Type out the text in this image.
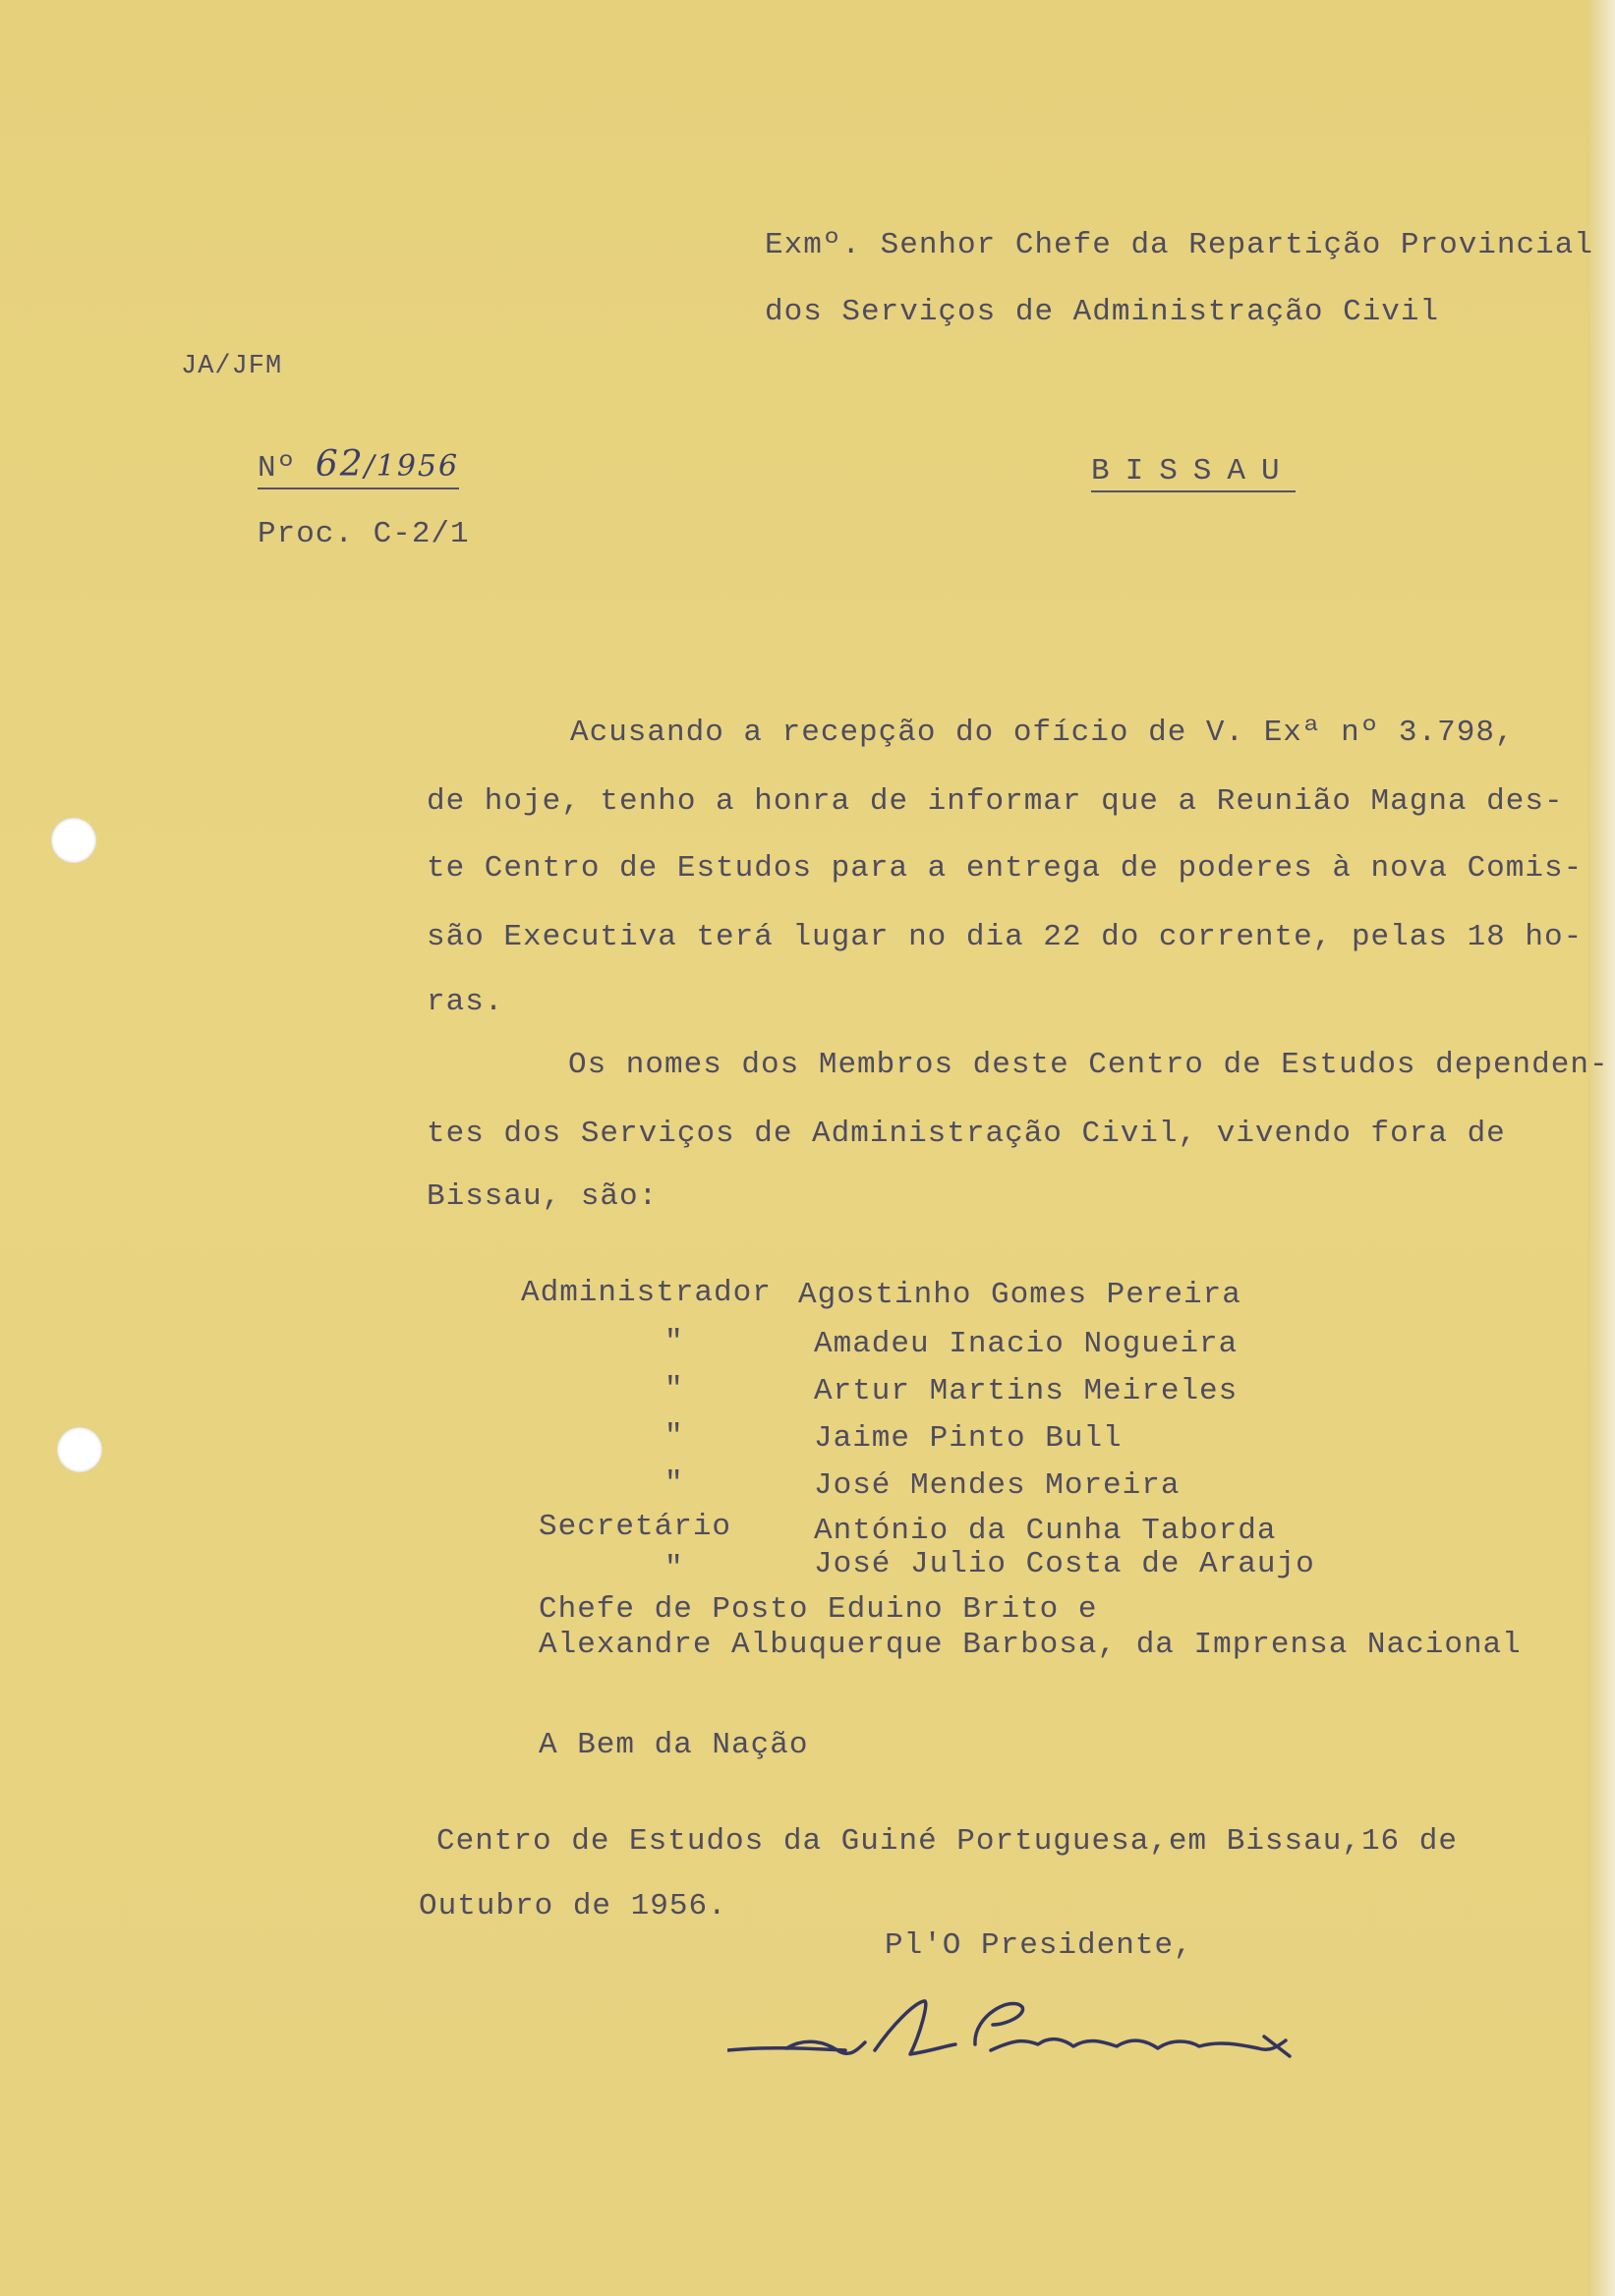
Exmº. Senhor Chefe da Repartição Provincial
dos Serviços de Administração Civil
JA/JFM
Nº 62/1956	BISSAU
Proc. C-2/1
Acusando a recepção do ofício de V. Exª nº 3.798,
de hoje, tenho a honra de informar que a Reunião Magna des-
te Centro de Estudos para a entrega de poderes à nova Comis-
são Executiva terá lugar no dia 22 do corrente, pelas 18 ho-
ras.
Os nomes dos Membros deste Centro de Estudos dependen-
tes dos Serviços de Administração Civil, vivendo fora de
Bissau, são:
Administrador Agostinho Gomes Pereira
"	Amadeu Inacio Nogueira
"	Artur Martins Meireles
"	Jaime Pinto Bull
"	José Mendes Moreira
Secretário	António da Cunha Taborda
"	José Julio Costa de Araujo
Chefe de Posto Eduino Brito e
Alexandre Albuquerque Barbosa, da Imprensa Nacional
A Bem da Nação
Centro de Estudos da Guiné Portuguesa,em Bissau,16 de
Outubro de 1956.
Pl'O Presidente,
